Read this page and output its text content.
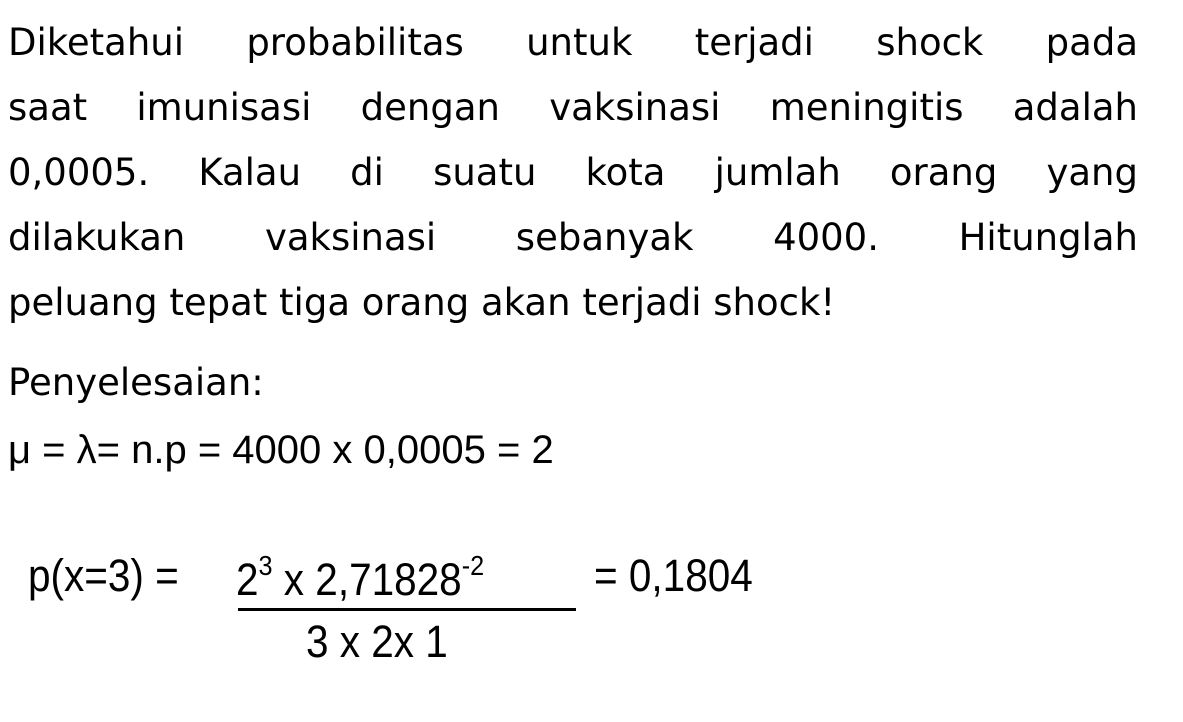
Diketahui probabilitas untuk terjadi shock pada
saat imunisasi dengan vaksinasi meningitis adalah
0,0005. Kalau di suatu kota jumlah orang yang
dilakukan vaksinasi sebanyak 4000. Hitunglah
peluang tepat tiga orang akan terjadi shock!
Penyelesaian:
μ = λ= n.p = 4000 x 0,0005 = 2
$p(x=3) = 2^3$ x $2,71828^{-2}$
3 x 2x 1
= 0,1804
